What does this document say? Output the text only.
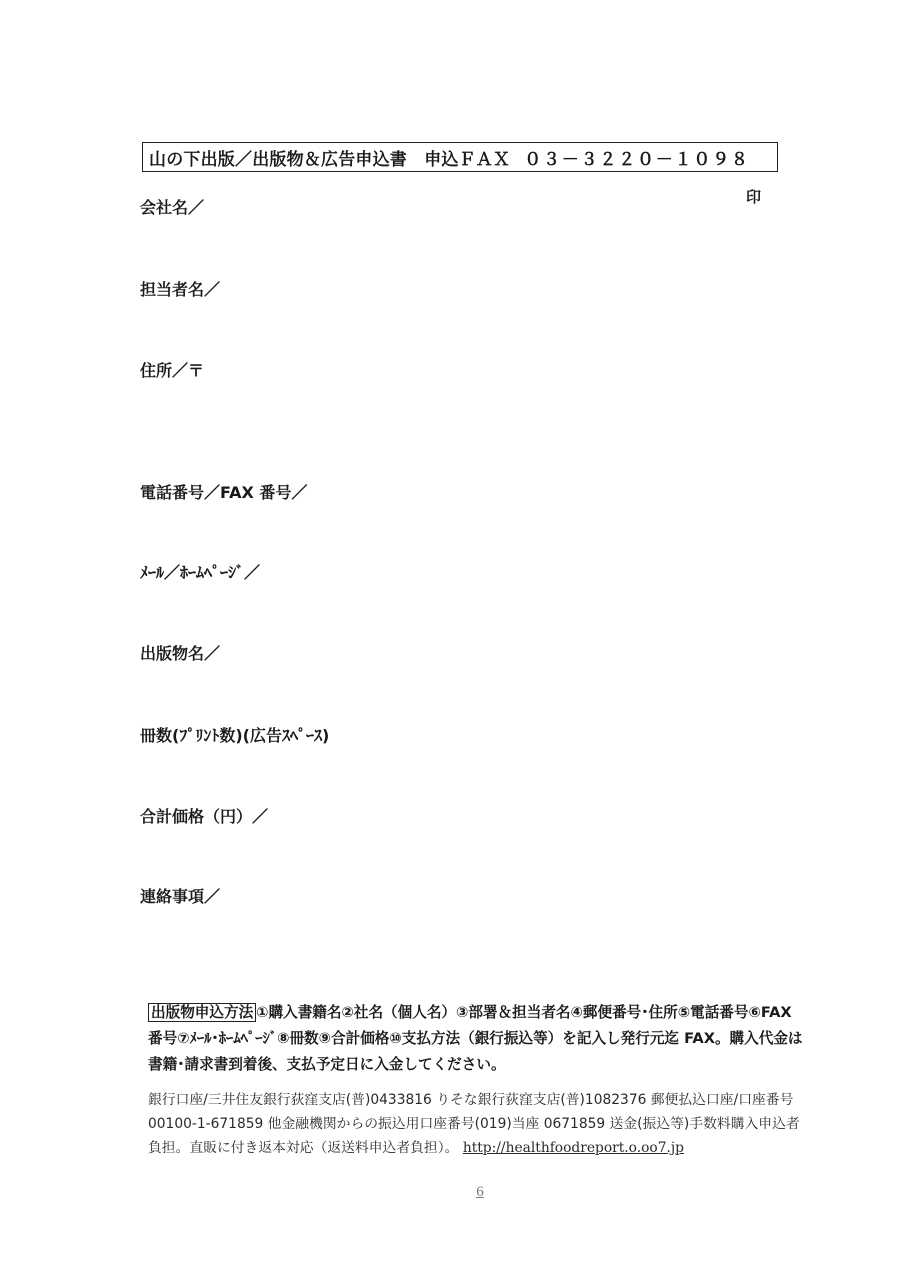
山の下出版／出版物＆広告申込書　申込ＦＡＸ ０３－３２２０－１０９８
印
会社名／
担当者名／
住所／〒
電話番号／FAX 番号／
ﾒｰﾙ／ﾎｰﾑﾍﾟｰｼﾞ／
出版物名／
冊数(ﾌﾟﾘﾝﾄ数)(広告ｽﾍﾟｰｽ)
合計価格（円）／
連絡事項／
出版物申込方法 ①購入書籍名②社名（個人名）③部署＆担当者名④郵便番号･住所⑤電話番号⑥FAX 番号⑦ﾒｰﾙ･ﾎｰﾑﾍﾟｰｼﾞ⑧冊数⑨合計価格⑩支払方法（銀行振込等）を記入し発行元迄 FAX。購入代金は書籍･請求書到着後、支払予定日に入金してください。
銀行口座/三井住友銀行荻窪支店(普)0433816 りそな銀行荻窪支店(普)1082376 郵便払込口座/口座番号　00100-1-671859 他金融機関からの振込用口座番号(019)当座 0671859 送金(振込等)手数料購入申込者負担。直販に付き返本対応（返送料申込者負担）。 http://healthfoodreport.o.oo7.jp
6
